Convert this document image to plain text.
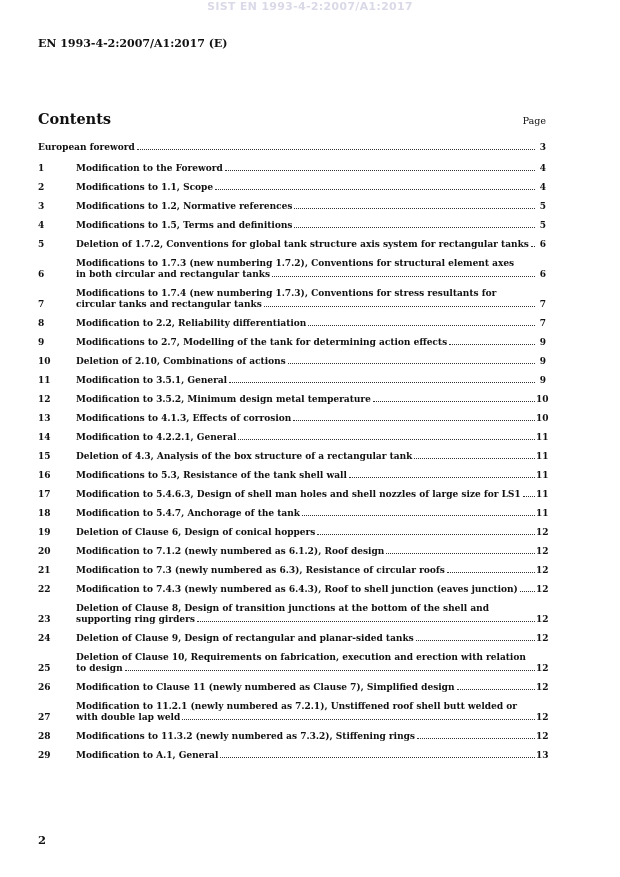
SIST EN 1993-4-2:2007/A1:2017
EN 1993-4-2:2007/A1:2017 (E)
Contents	Page
European foreword	3
1	Modification to the Foreword	4
2	Modifications to 1.1, Scope	4
3	Modifications to 1.2, Normative references	5
4	Modifications to 1.5, Terms and definitions	5
5	Deletion of 1.7.2, Conventions for global tank structure axis system for rectangular tanks	6
6
Modifications to 1.7.3 (new numbering 1.7.2), Conventions for structural element axes
in both circular and rectangular tanks	6
7
Modifications to 1.7.4 (new numbering 1.7.3), Conventions for stress resultants for
circular tanks and rectangular tanks	7
8	Modification to 2.2, Reliability differentiation	7
9	Modifications to 2.7, Modelling of the tank for determining action effects	9
10	Deletion of 2.10, Combinations of actions	9
11	Modification to 3.5.1, General	9
12	Modification to 3.5.2, Minimum design metal temperature	10
13	Modifications to 4.1.3, Effects of corrosion	10
14	Modification to 4.2.2.1, General	11
15	Deletion of 4.3, Analysis of the box structure of a rectangular tank	11
16	Modifications to 5.3, Resistance of the tank shell wall	11
17	Modification to 5.4.6.3, Design of shell man holes and shell nozzles of large size for LS1 11
18	Modification to 5.4.7, Anchorage of the tank	11
19	Deletion of Clause 6, Design of conical hoppers	12
20	Modification to 7.1.2 (newly numbered as 6.1.2), Roof design	12
21	Modification to 7.3 (newly numbered as 6.3), Resistance of circular roofs	12
22	Modification to 7.4.3 (newly numbered as 6.4.3), Roof to shell junction (eaves junction) 12
23
Deletion of Clause 8, Design of transition junctions at the bottom of the shell and
supporting ring girders	12
24	Deletion of Clause 9, Design of rectangular and planar-sided tanks	12
25
Deletion of Clause 10, Requirements on fabrication, execution and erection with relation
to design	12
26	Modification to Clause 11 (newly numbered as Clause 7), Simplified design	12
27
Modification to 11.2.1 (newly numbered as 7.2.1), Unstiffened roof shell butt welded or
with double lap weld	12
28	Modifications to 11.3.2 (newly numbered as 7.3.2), Stiffening rings	12
29	Modification to A.1, General	13
2
